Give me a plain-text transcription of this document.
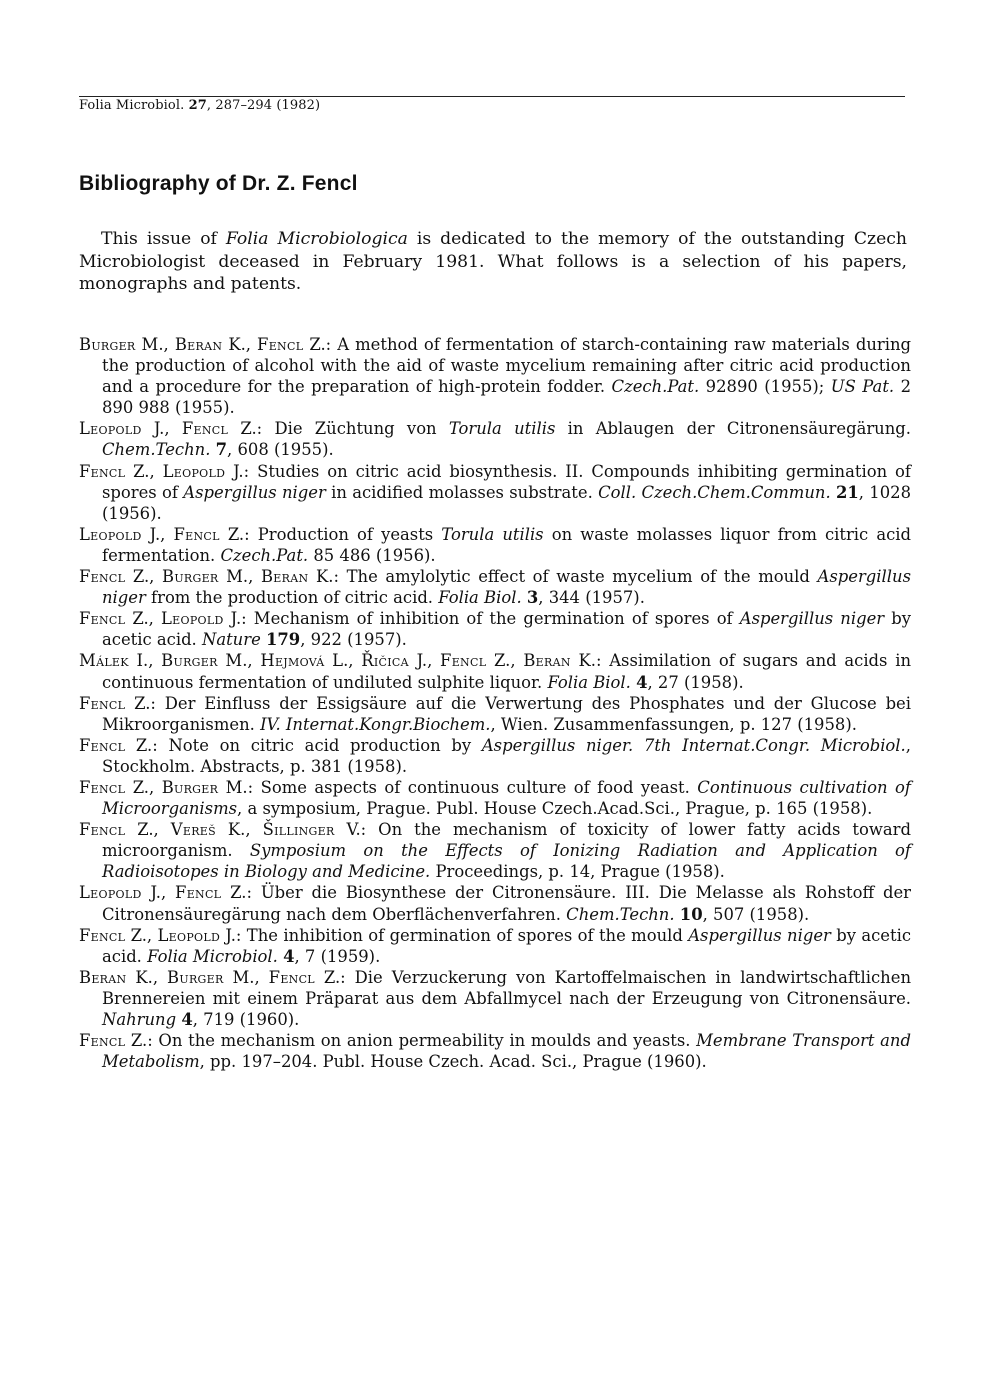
Folia Microbiol. 27, 287–294 (1982)
Bibliography of Dr. Z. Fencl

This issue of Folia Microbiologica is dedicated to the memory of the outstanding Czech Microbiologist deceased in February 1981. What follows is a selection of his papers, monographs and patents.

Burger M., Beran K., Fencl Z.: A method of fermentation of starch-containing raw materials during the production of alcohol with the aid of waste mycelium remaining after citric acid production and a procedure for the preparation of high-protein fodder. Czech.Pat. 92890 (1955); US Pat. 2 890 988 (1955).
Leopold J., Fencl Z.: Die Züchtung von Torula utilis in Ablaugen der Citronensäuregärung. Chem.Techn. 7, 608 (1955).
Fencl Z., Leopold J.: Studies on citric acid biosynthesis. II. Compounds inhibiting germination of spores of Aspergillus niger in acidified molasses substrate. Coll. Czech.Chem.Commun. 21, 1028 (1956).
Leopold J., Fencl Z.: Production of yeasts Torula utilis on waste molasses liquor from citric acid fermentation. Czech.Pat. 85 486 (1956).
Fencl Z., Burger M., Beran K.: The amylolytic effect of waste mycelium of the mould Aspergillus niger from the production of citric acid. Folia Biol. 3, 344 (1957).
Fencl Z., Leopold J.: Mechanism of inhibition of the germination of spores of Aspergillus niger by acetic acid. Nature 179, 922 (1957).
Málek I., Burger M., Hejmová L., Řičica J., Fencl Z., Beran K.: Assimilation of sugars and acids in continuous fermentation of undiluted sulphite liquor. Folia Biol. 4, 27 (1958).
Fencl Z.: Der Einfluss der Essigsäure auf die Verwertung des Phosphates und der Glucose bei Mikroorganismen. IV. Internat.Kongr.Biochem., Wien. Zusammenfassungen, p. 127 (1958).
Fencl Z.: Note on citric acid production by Aspergillus niger. 7th Internat.Congr. Microbiol., Stockholm. Abstracts, p. 381 (1958).
Fencl Z., Burger M.: Some aspects of continuous culture of food yeast. Continuous cultivation of Microorganisms, a symposium, Prague. Publ. House Czech.Acad.Sci., Prague, p. 165 (1958).
Fencl Z., Vereš K., Šillinger V.: On the mechanism of toxicity of lower fatty acids toward microorganism. Symposium on the Effects of Ionizing Radiation and Application of Radioisotopes in Biology and Medicine. Proceedings, p. 14, Prague (1958).
Leopold J., Fencl Z.: Über die Biosynthese der Citronensäure. III. Die Melasse als Rohstoff der Citronensäuregärung nach dem Oberflächenverfahren. Chem.Techn. 10, 507 (1958).
Fencl Z., Leopold J.: The inhibition of germination of spores of the mould Aspergillus niger by acetic acid. Folia Microbiol. 4, 7 (1959).
Beran K., Burger M., Fencl Z.: Die Verzuckerung von Kartoffelmaischen in landwirtschaftlichen Brennereien mit einem Präparat aus dem Abfallmycel nach der Erzeugung von Citronensäure. Nahrung 4, 719 (1960).
Fencl Z.: On the mechanism on anion permeability in moulds and yeasts. Membrane Transport and Metabolism, pp. 197–204. Publ. House Czech. Acad. Sci., Prague (1960).
